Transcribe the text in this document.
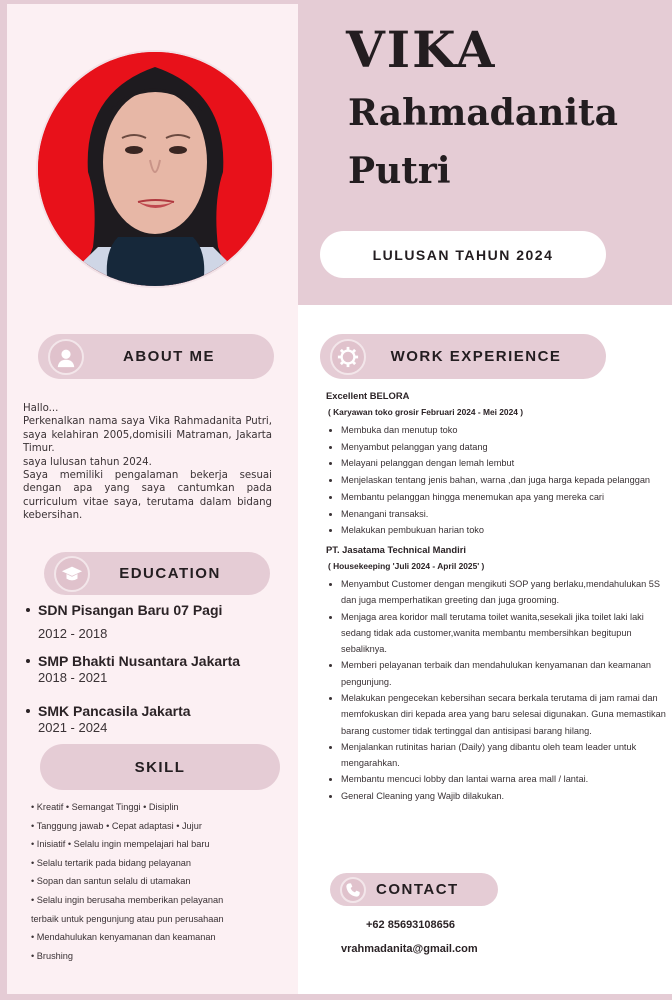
VIKA
Rahmadanita
Putri
LULUSAN TAHUN 2024
ABOUT ME

Hallo...

Perkenalkan nama saya Vika Rahmadanita Putri, saya kelahiran 2005,domisili Matraman, Jakarta Timur.

saya lulusan tahun 2024.

Saya memiliki pengalaman bekerja sesuai dengan apa yang saya cantumkan pada curriculum vitae saya, terutama dalam bidang kebersihan.

EDUCATION
SDN Pisangan Baru 07 Pagi
2012 - 2018
SMP Bhakti Nusantara Jakarta
2018 - 2021
SMK Pancasila Jakarta
2021 - 2024
SKILL
• Kreatif • Semangat Tinggi • Disiplin
• Tanggung jawab • Cepat adaptasi • Jujur
• Inisiatif • Selalu ingin mempelajari hal baru
• Selalu tertarik pada bidang pelayanan
• Sopan dan santun selalu di utamakan
• Selalu ingin berusaha memberikan pelayanan
terbaik untuk pengunjung atau pun perusahaan
• Mendahulukan kenyamanan dan keamanan
• Brushing
WORK EXPERIENCE
Excellent BELORA
( Karyawan toko grosir Februari 2024 - Mei 2024 )
Membuka dan menutup toko
Menyambut pelanggan yang datang
Melayani pelanggan dengan lemah lembut
Menjelaskan tentang jenis bahan, warna ,dan juga harga kepada pelanggan
Membantu pelanggan hingga menemukan apa yang mereka cari
Menangani transaksi.
Melakukan pembukuan harian toko
PT. Jasatama Technical Mandiri
( Housekeeping 'Juli 2024 - April 2025' )
Menyambut Customer dengan mengikuti SOP yang berlaku,mendahulukan 5S dan juga memperhatikan greeting dan juga grooming.
Menjaga area koridor mall terutama toilet wanita,sesekali jika toilet laki laki sedang tidak ada customer,wanita membantu membersihkan begitupun sebaliknya.
Memberi pelayanan terbaik dan mendahulukan kenyamanan dan keamanan pengunjung.
Melakukan pengecekan kebersihan secara berkala terutama di jam ramai dan memfokuskan diri kepada area yang baru selesai digunakan. Guna memastikan barang customer tidak tertinggal dan antisipasi barang hilang.
Menjalankan rutinitas harian (Daily) yang dibantu oleh team leader untuk mengarahkan.
Membantu mencuci lobby dan lantai warna area mall / lantai.
General Cleaning yang Wajib dilakukan.
CONTACT
+62 85693108656
vrahmadanita@gmail.com
